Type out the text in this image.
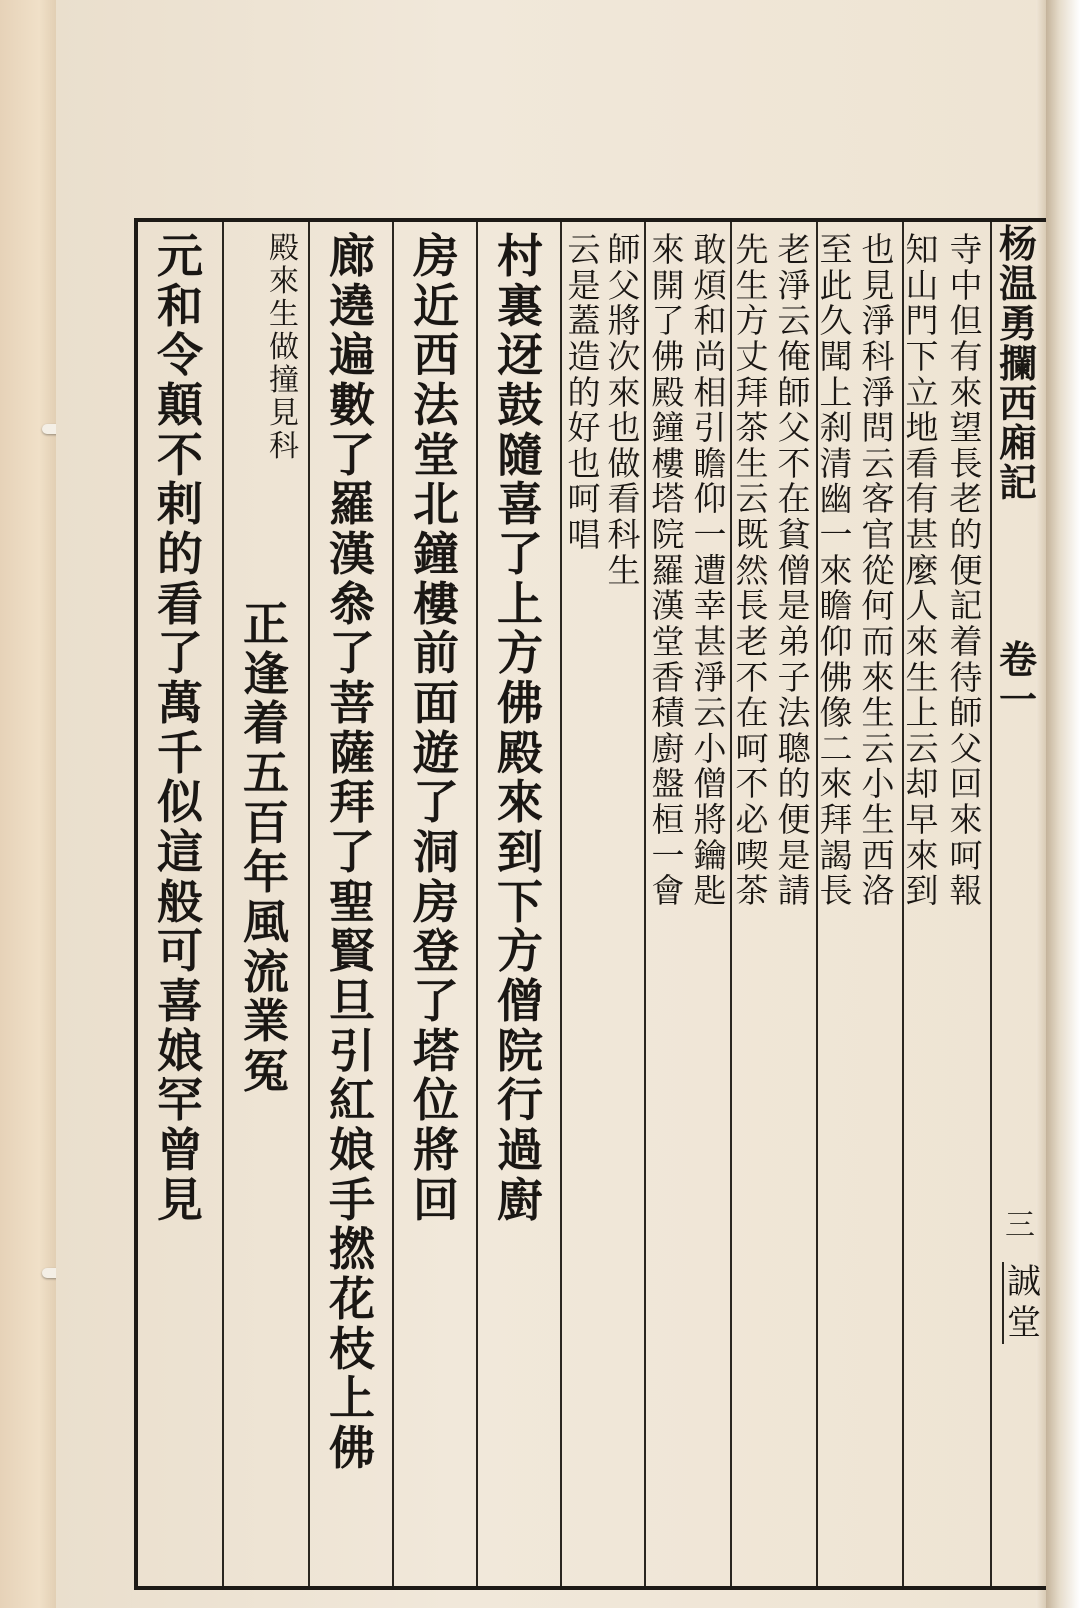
杨
温
勇
攔
西
廂
記
卷
一
三
誠
堂
寺
中
但
有
來
望
長
老
的
便
記
着
待
師
父
回
來
呵
報
知
山
門
下
立
地
看
有
甚
麼
人
來
生
上
云
却
早
來
到
也
見
淨
科
淨
問
云
客
官
從
何
而
來
生
云
小
生
西
洛
至
此
久
聞
上
刹
清
幽
一
來
瞻
仰
佛
像
二
來
拜
謁
長
老
淨
云
俺
師
父
不
在
貧
僧
是
弟
子
法
聰
的
便
是
請
先
生
方
丈
拜
茶
生
云
既
然
長
老
不
在
呵
不
必
喫
茶
敢
煩
和
尚
相
引
瞻
仰
一
遭
幸
甚
淨
云
小
僧
將
鑰
匙
來
開
了
佛
殿
鐘
樓
塔
院
羅
漢
堂
香
積
廚
盤
桓
一
會
師
父
將
次
來
也
做
看
科
生
云
是
蓋
造
的
好
也
呵
唱
村
裏
迓
鼓
隨
喜
了
上
方
佛
殿
來
到
下
方
僧
院
行
過
廚
房
近
西
法
堂
北
鐘
樓
前
面
遊
了
洞
房
登
了
塔
位
將
回
廊
遶
遍
數
了
羅
漢
叅
了
菩
薩
拜
了
聖
賢
旦
引
紅
娘
手
撚
花
枝
上
佛
殿
來
生
做
撞
見
科
正
逢
着
五
百
年
風
流
業
冤
元
和
令
顛
不
剌
的
看
了
萬
千
似
這
般
可
喜
娘
罕
曾
見
